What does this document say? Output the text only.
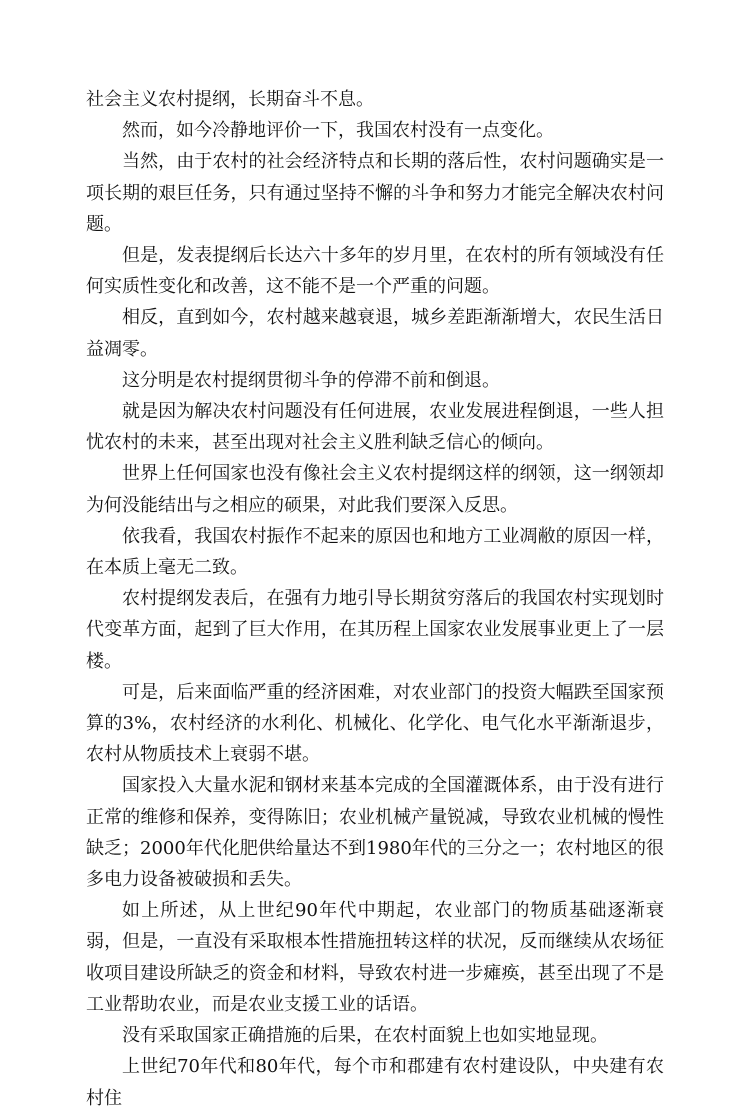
社会主义农村提纲，长期奋斗不息。

然而，如今冷静地评价一下，我国农村没有一点变化。

当然，由于农村的社会经济特点和长期的落后性，农村问题确实是一项长期的艰巨任务，只有通过坚持不懈的斗争和努力才能完全解决农村问题。

但是，发表提纲后长达六十多年的岁月里，在农村的所有领域没有任何实质性变化和改善，这不能不是一个严重的问题。

相反，直到如今，农村越来越衰退，城乡差距渐渐增大，农民生活日益凋零。

这分明是农村提纲贯彻斗争的停滞不前和倒退。

就是因为解决农村问题没有任何进展，农业发展进程倒退，一些人担忧农村的未来，甚至出现对社会主义胜利缺乏信心的倾向。

世界上任何国家也没有像社会主义农村提纲这样的纲领，这一纲领却为何没能结出与之相应的硕果，对此我们要深入反思。

依我看，我国农村振作不起来的原因也和地方工业凋敝的原因一样，在本质上毫无二致。

农村提纲发表后，在强有力地引导长期贫穷落后的我国农村实现划时代变革方面，起到了巨大作用，在其历程上国家农业发展事业更上了一层楼。

可是，后来面临严重的经济困难，对农业部门的投资大幅跌至国家预算的3%，农村经济的水利化、机械化、化学化、电气化水平渐渐退步，农村从物质技术上衰弱不堪。

国家投入大量水泥和钢材来基本完成的全国灌溉体系，由于没有进行正常的维修和保养，变得陈旧；农业机械产量锐减，导致农业机械的慢性缺乏；2000年代化肥供给量达不到1980年代的三分之一；农村地区的很多电力设备被破损和丢失。

如上所述，从上世纪90年代中期起，农业部门的物质基础逐渐衰弱，但是，一直没有采取根本性措施扭转这样的状况，反而继续从农场征收项目建设所缺乏的资金和材料，导致农村进一步瘫痪，甚至出现了不是工业帮助农业，而是农业支援工业的话语。

没有采取国家正确措施的后果，在农村面貌上也如实地显现。

上世纪70年代和80年代，每个市和郡建有农村建设队，中央建有农村住
